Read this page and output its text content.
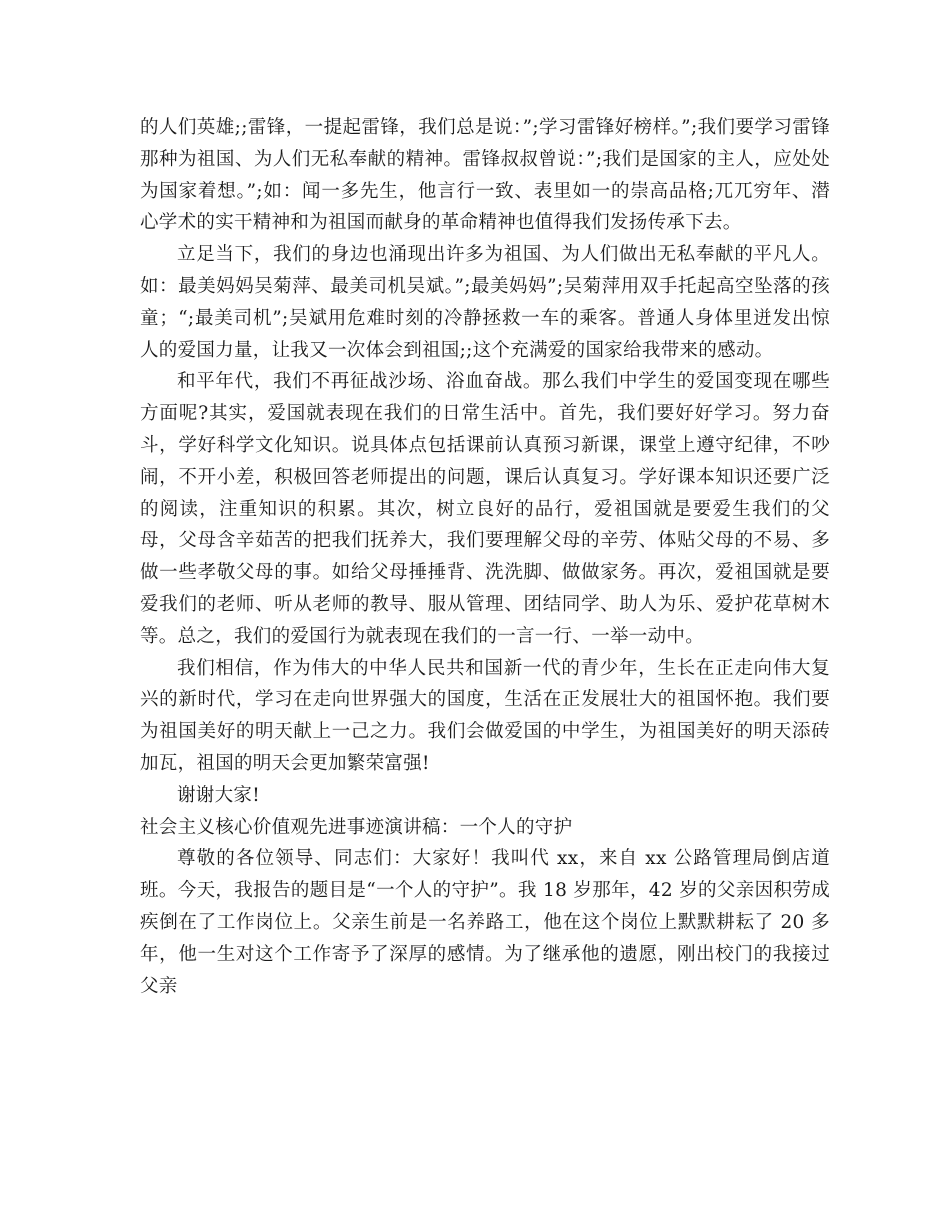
的人们英雄;;雷锋，一提起雷锋，我们总是说：”;学习雷锋好榜样。”;我们要学习雷锋那种为祖国、为人们无私奉献的精神。雷锋叔叔曾说：”;我们是国家的主人，应处处为国家着想。”;如：闻一多先生，他言行一致、表里如一的崇高品格;兀兀穷年、潜心学术的实干精神和为祖国而献身的革命精神也值得我们发扬传承下去。

立足当下，我们的身边也涌现出许多为祖国、为人们做出无私奉献的平凡人。如：最美妈妈吴菊萍、最美司机吴斌。”;最美妈妈”;吴菊萍用双手托起高空坠落的孩童；“;最美司机”;吴斌用危难时刻的冷静拯救一车的乘客。普通人身体里迸发出惊人的爱国力量，让我又一次体会到祖国;;这个充满爱的国家给我带来的感动。

和平年代，我们不再征战沙场、浴血奋战。那么我们中学生的爱国变现在哪些方面呢?其实，爱国就表现在我们的日常生活中。首先，我们要好好学习。努力奋斗，学好科学文化知识。说具体点包括课前认真预习新课，课堂上遵守纪律，不吵闹，不开小差，积极回答老师提出的问题，课后认真复习。学好课本知识还要广泛的阅读，注重知识的积累。其次，树立良好的品行，爱祖国就是要爱生我们的父母，父母含辛茹苦的把我们抚养大，我们要理解父母的辛劳、体贴父母的不易、多做一些孝敬父母的事。如给父母捶捶背、洗洗脚、做做家务。再次，爱祖国就是要爱我们的老师、听从老师的教导、服从管理、团结同学、助人为乐、爱护花草树木等。总之，我们的爱国行为就表现在我们的一言一行、一举一动中。

我们相信，作为伟大的中华人民共和国新一代的青少年，生长在正走向伟大复兴的新时代，学习在走向世界强大的国度，生活在正发展壮大的祖国怀抱。我们要为祖国美好的明天献上一己之力。我们会做爱国的中学生，为祖国美好的明天添砖加瓦，祖国的明天会更加繁荣富强!

谢谢大家!

社会主义核心价值观先进事迹演讲稿：一个人的守护

尊敬的各位领导、同志们：大家好！我叫代 xx，来自 xx 公路管理局倒店道班。今天，我报告的题目是“一个人的守护”。我 18 岁那年，42 岁的父亲因积劳成疾倒在了工作岗位上。父亲生前是一名养路工，他在这个岗位上默默耕耘了 20 多年，他一生对这个工作寄予了深厚的感情。为了继承他的遗愿，刚出校门的我接过父亲
